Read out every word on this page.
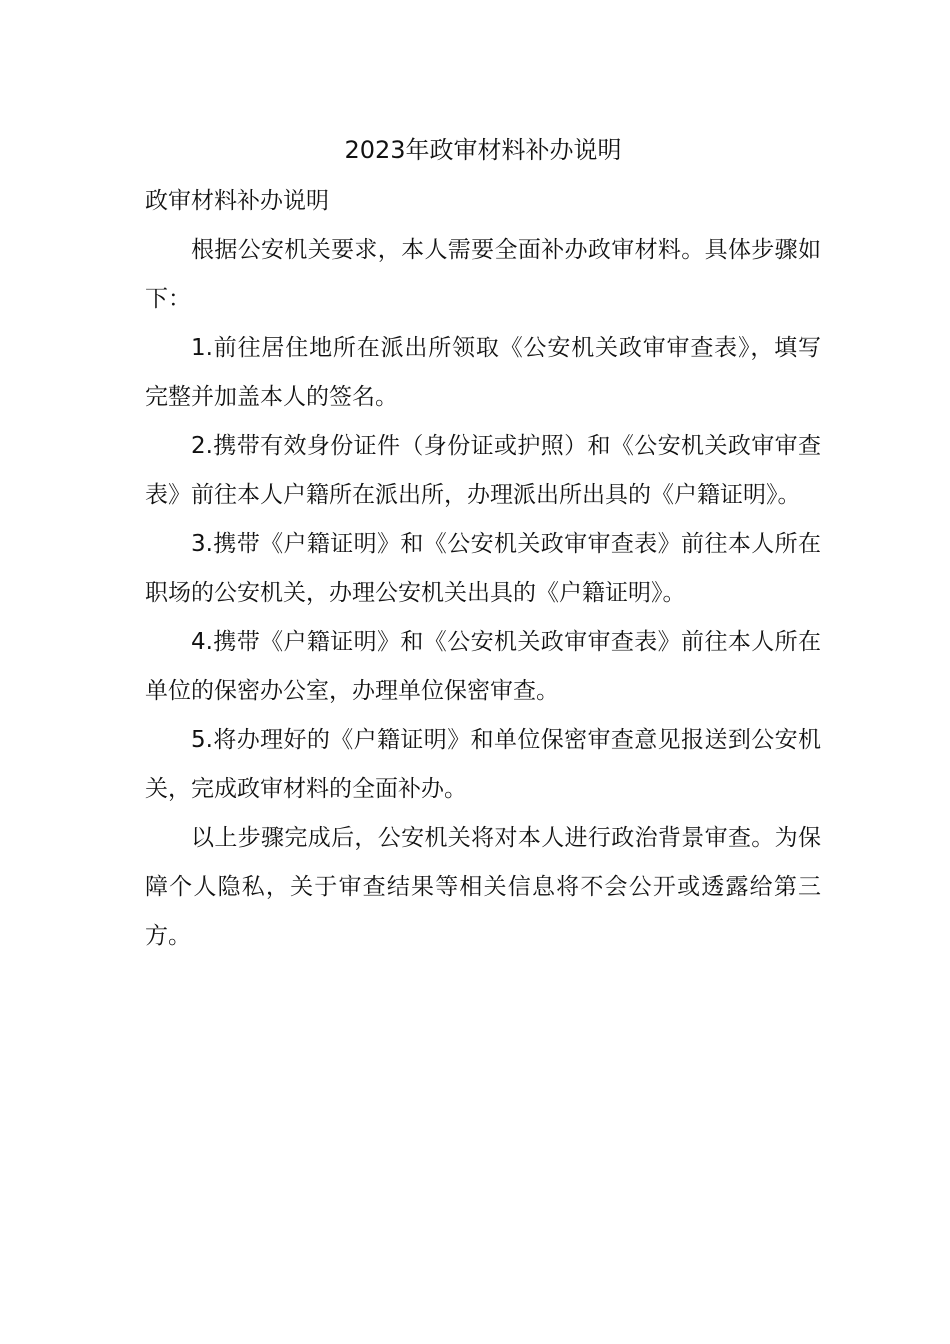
2023年政审材料补办说明

政审材料补办说明

根据公安机关要求，本人需要全面补办政审材料。具体步骤如下：

1.前往居住地所在派出所领取《公安机关政审审查表》，填写完整并加盖本人的签名。

2.携带有效身份证件（身份证或护照）和《公安机关政审审查表》前往本人户籍所在派出所，办理派出所出具的《户籍证明》。

3.携带《户籍证明》和《公安机关政审审查表》前往本人所在职场的公安机关，办理公安机关出具的《户籍证明》。

4.携带《户籍证明》和《公安机关政审审查表》前往本人所在单位的保密办公室，办理单位保密审查。

5.将办理好的《户籍证明》和单位保密审查意见报送到公安机关，完成政审材料的全面补办。

以上步骤完成后，公安机关将对本人进行政治背景审查。为保障个人隐私，关于审查结果等相关信息将不会公开或透露给第三方。
